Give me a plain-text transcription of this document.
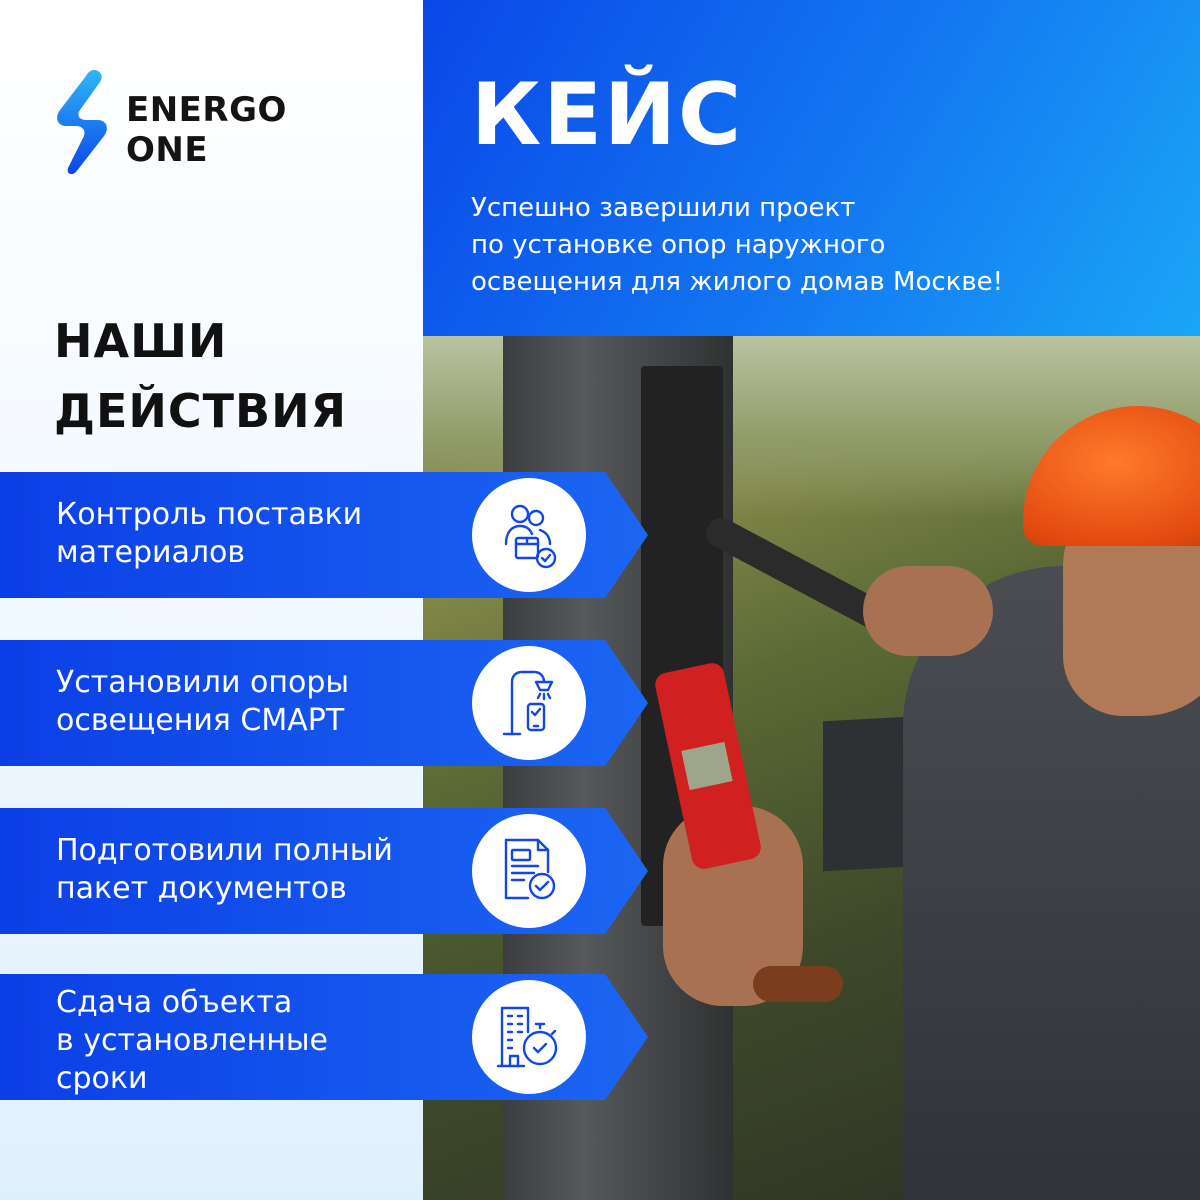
КЕЙС
Успешно завершили проект
по установке опор наружного
освещения для жилого домав Москве!
ENERGO
ONE
НАШИ
ДЕЙСТВИЯ
Контроль поставки
материалов
Установили опоры
освещения СМАРТ
Подготовили полный
пакет документов
Сдача объекта
в установленные
сроки
